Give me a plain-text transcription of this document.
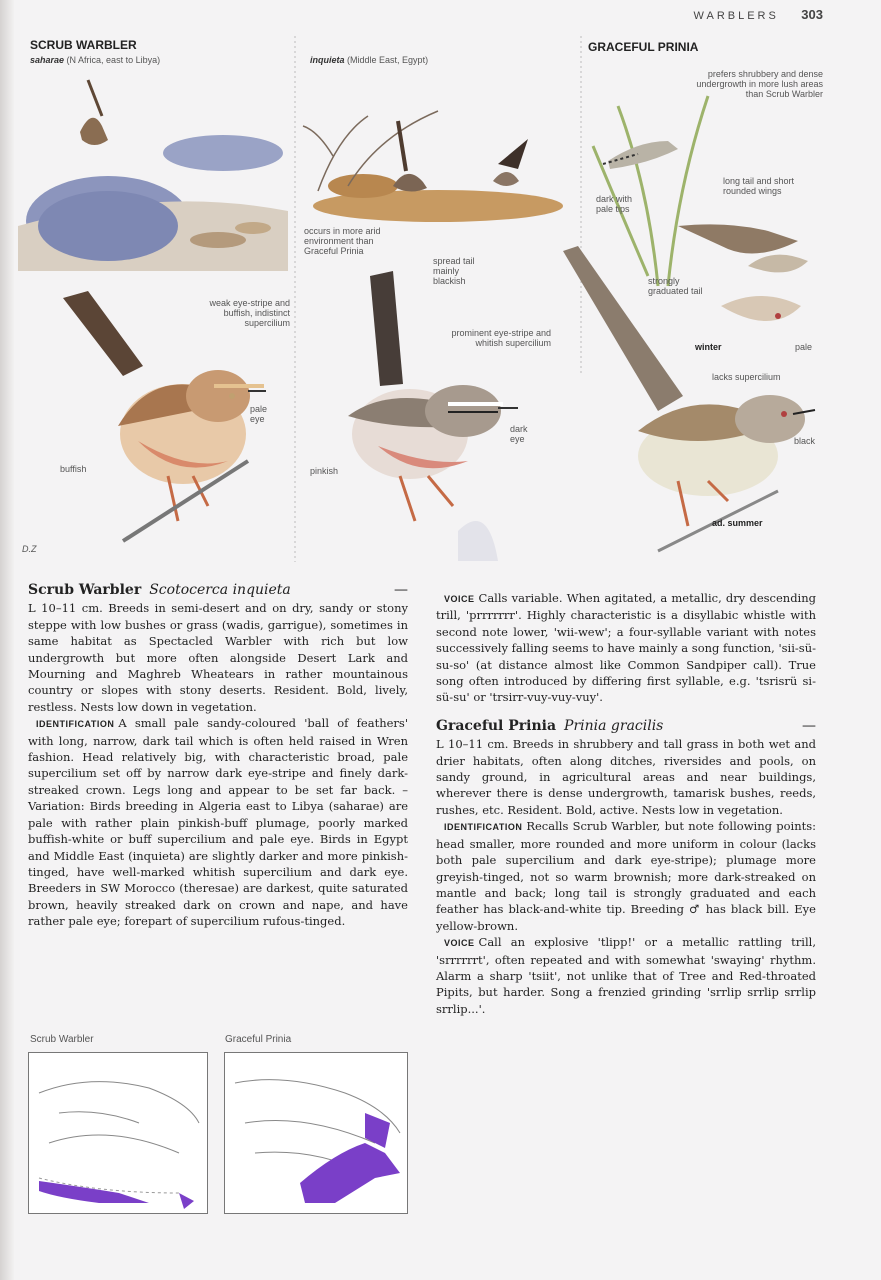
WARBLERS 303
SCRUB WARBLER
saharae (N Africa, east to Libya)	inquieta (Middle East, Egypt)
GRACEFUL PRINIA
prefers shrubbery and dense undergrowth in more lush areas than Scrub Warbler
dark with pale tips
long tail and short rounded wings
occurs in more arid environment than Graceful Prinia
spread tail mainly blackish	strongly graduated tail
weak eye-stripe and buffish, indistinct supercilium
prominent eye-stripe and whitish supercilium	winter	pale
lacks supercilium
pale eye
dark eye	black
buffish	pinkish
ad. summer
D.Z
Scrub Warbler Scotocerca inquieta	—

L 10–11 cm. Breeds in semi-desert and on dry, sandy or stony steppe with low bushes or grass (wadis, garrigue), sometimes in same habitat as Spectacled Warbler with rich but low undergrowth but more often alongside Desert Lark and Mourning and Maghreb Wheatears in rather mountainous country or slopes with stony deserts. Resident. Bold, lively, restless. Nests low down in vegetation.

IDENTIFICATION A small pale sandy-coloured 'ball of feathers' with long, narrow, dark tail which is often held raised in Wren fashion. Head relatively big, with characteristic broad, pale supercilium set off by narrow dark eye-stripe and finely dark-streaked crown. Legs long and appear to be set far back. – Variation: Birds breeding in Algeria east to Libya (saharae) are pale with rather plain pinkish-buff plumage, poorly marked buffish-white or buff supercilium and pale eye. Birds in Egypt and Middle East (inquieta) are slightly darker and more pinkish-tinged, have well-marked whitish supercilium and dark eye. Breeders in SW Morocco (theresae) are darkest, quite saturated brown, heavily streaked dark on crown and nape, and have rather pale eye; forepart of supercilium rufous-tinged.

Scrub Warbler	Graceful Prinia

VOICE Calls variable. When agitated, a metallic, dry descending trill, 'prrrrrrr'. Highly characteristic is a disyllabic whistle with second note lower, 'wii-wew'; a four-syllable variant with notes successively falling seems to have mainly a song function, 'sii-sü-su-so' (at distance almost like Common Sandpiper call). True song often introduced by differing first syllable, e.g. 'tsrisrü si-sü-su' or 'trsirr-vuy-vuy-vuy'.

Graceful Prinia Prinia gracilis	—

L 10–11 cm. Breeds in shrubbery and tall grass in both wet and drier habitats, often along ditches, riversides and pools, on sandy ground, in agricultural areas and near buildings, wherever there is dense undergrowth, tamarisk bushes, reeds, rushes, etc. Resident. Bold, active. Nests low in vegetation.

IDENTIFICATION Recalls Scrub Warbler, but note following points: head smaller, more rounded and more uniform in colour (lacks both pale supercilium and dark eye-stripe); plumage more greyish-tinged, not so warm brownish; more dark-streaked on mantle and back; long tail is strongly graduated and each feather has black-and-white tip. Breeding ♂ has black bill. Eye yellow-brown.

VOICE Call an explosive 'tlipp!' or a metallic rattling trill, 'srrrrrrt', often repeated and with somewhat 'swaying' rhythm. Alarm a sharp 'tsiit', not unlike that of Tree and Red-throated Pipits, but harder. Song a frenzied grinding 'srrlip srrlip srrlip srrlip...'.
